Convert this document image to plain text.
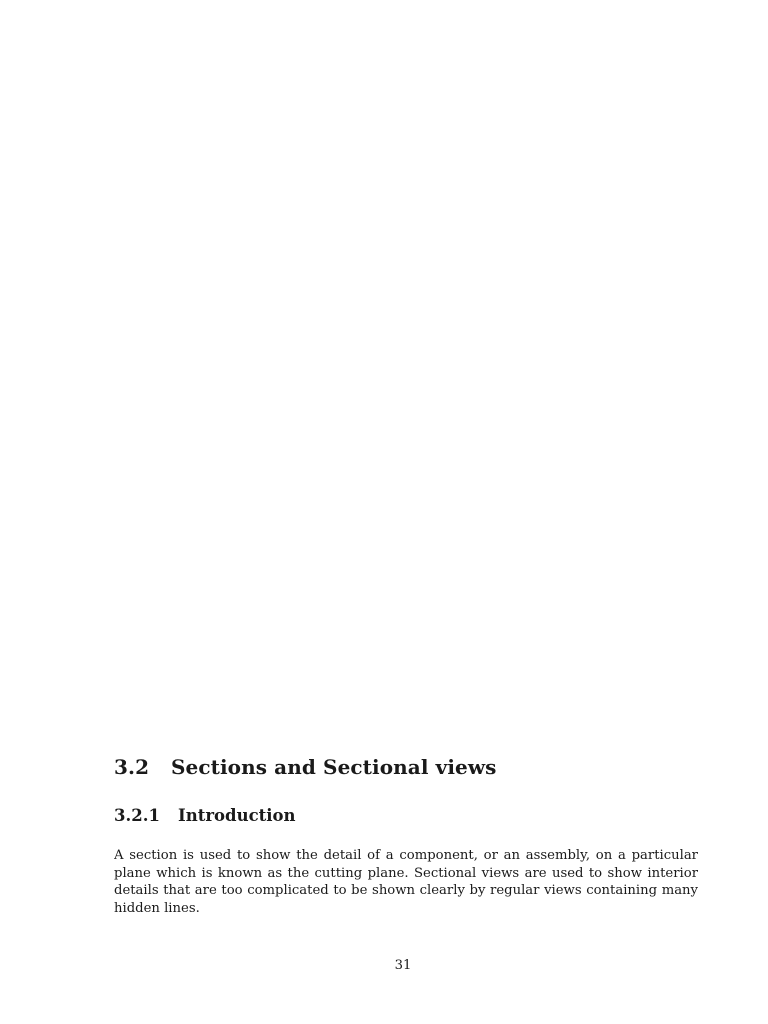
3.2 Sections and Sectional views
3.2.1 Introduction

A section is used to show the detail of a component, or an assembly, on a particular
plane which is known as the cutting plane. Sectional views are used to show interior
details that are too complicated to be shown clearly by regular views containing many
hidden lines.

31
